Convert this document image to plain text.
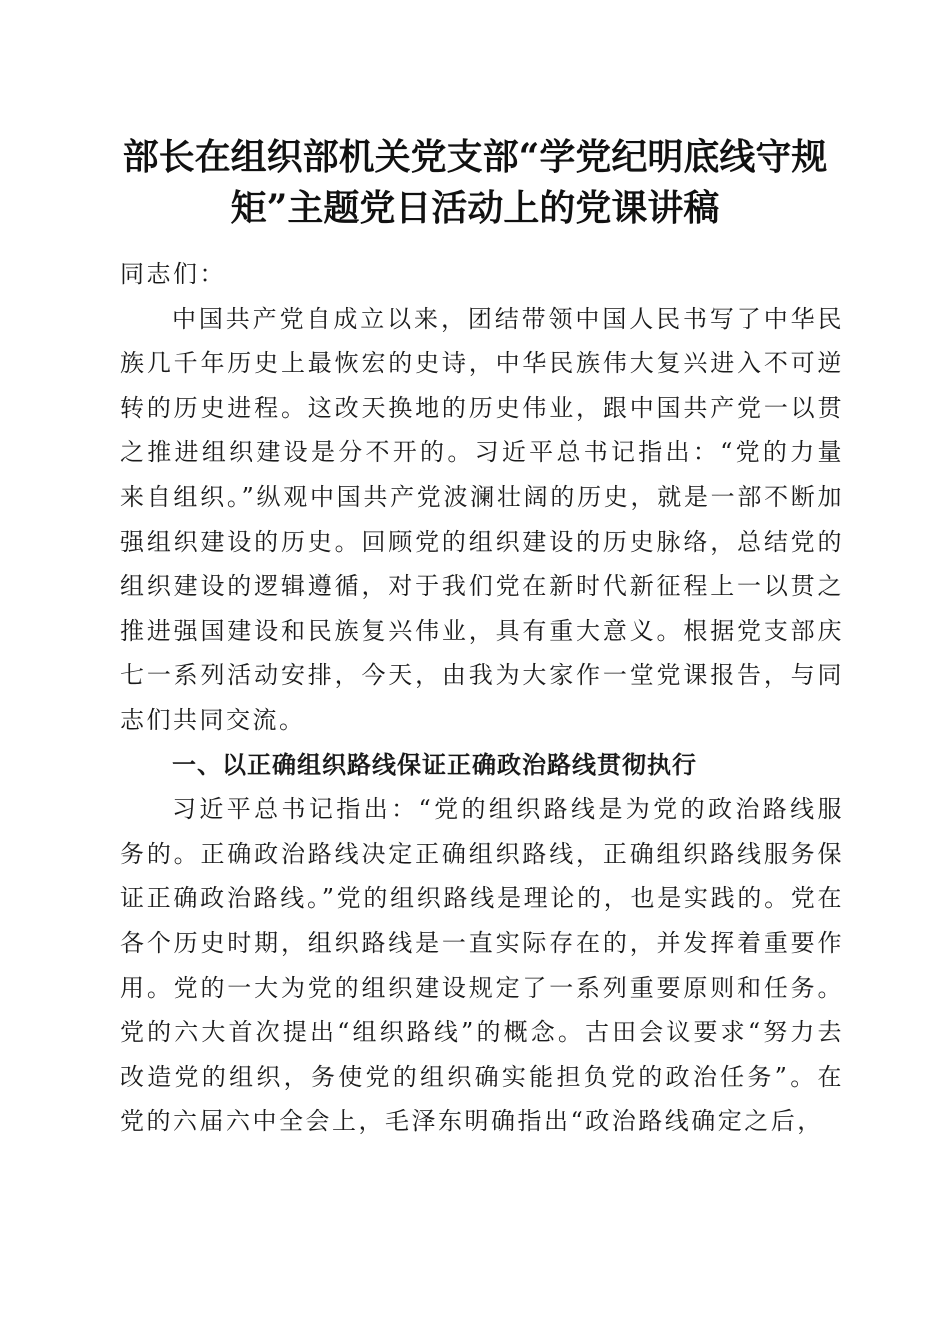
部长在组织部机关党支部“学党纪明底线守规
矩”主题党日活动上的党课讲稿

同志们：

中国共产党自成立以来，团结带领中国人民书写了中华民族几千年历史上最恢宏的史诗，中华民族伟大复兴进入不可逆转的历史进程。这改天换地的历史伟业，跟中国共产党一以贯之推进组织建设是分不开的。习近平总书记指出：“党的力量来自组织。”纵观中国共产党波澜壮阔的历史，就是一部不断加强组织建设的历史。回顾党的组织建设的历史脉络，总结党的组织建设的逻辑遵循，对于我们党在新时代新征程上一以贯之推进强国建设和民族复兴伟业，具有重大意义。根据党支部庆七一系列活动安排，今天，由我为大家作一堂党课报告，与同志们共同交流。

一、以正确组织路线保证正确政治路线贯彻执行

习近平总书记指出：“党的组织路线是为党的政治路线服务的。正确政治路线决定正确组织路线，正确组织路线服务保证正确政治路线。”党的组织路线是理论的，也是实践的。党在各个历史时期，组织路线是一直实际存在的，并发挥着重要作用。党的一大为党的组织建设规定了一系列重要原则和任务。党的六大首次提出“组织路线”的概念。古田会议要求“努力去改造党的组织，务使党的组织确实能担负党的政治任务”。在党的六届六中全会上，毛泽东明确指出“政治路线确定之后，
